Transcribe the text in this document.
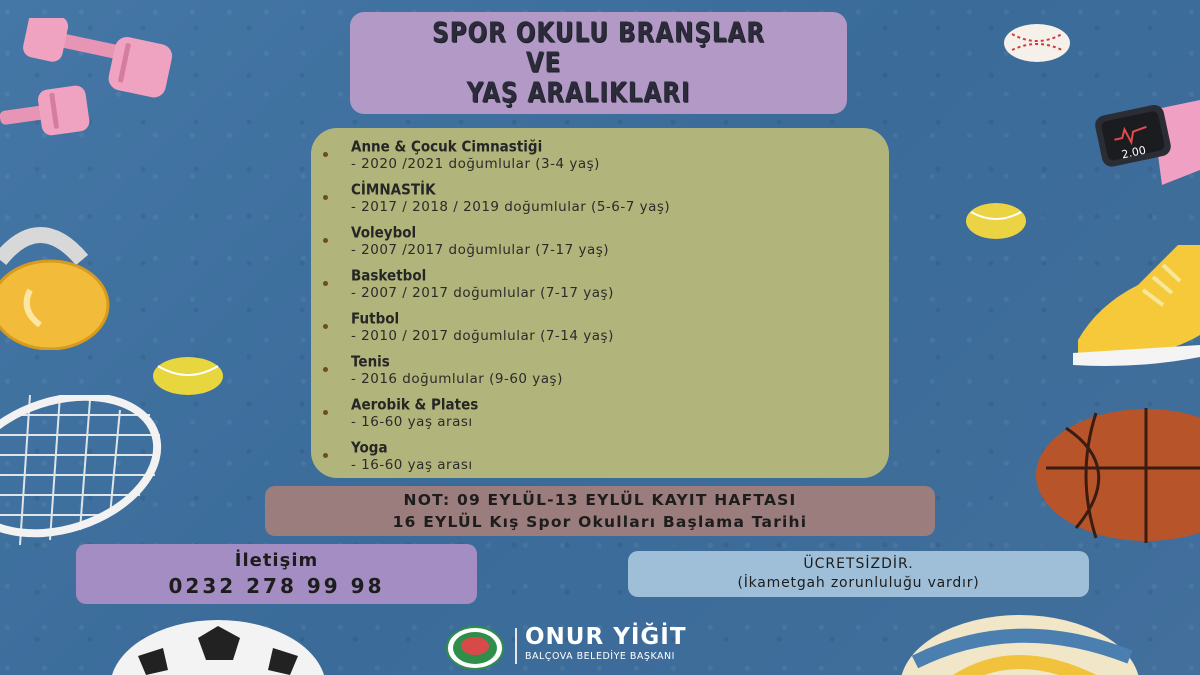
2.00
SPOR OKULU BRANŞLAR
VE
YAŞ ARALIKLARI
Anne & Çocuk Cimnastiği
- 2020 /2021 doğumlular (3-4 yaş)
CİMNASTİK
- 2017 / 2018 / 2019 doğumlular (5-6-7 yaş)
Voleybol
- 2007 /2017 doğumlular (7-17 yaş)
Basketbol
- 2007 / 2017 doğumlular (7-17 yaş)
Futbol
- 2010 / 2017 doğumlular (7-14 yaş)
Tenis
- 2016 doğumlular (9-60 yaş)
Aerobik & Plates
- 16-60 yaş arası
Yoga
- 16-60 yaş arası
NOT: 09 EYLÜL-13 EYLÜL KAYIT HAFTASI
16 EYLÜL Kış Spor Okulları Başlama Tarihi
İletişim
0232 278 99 98
ÜCRETSİZDİR.
(İkametgah zorunluluğu vardır)
ONUR YİĞİT
BALÇOVA BELEDİYE BAŞKANI
